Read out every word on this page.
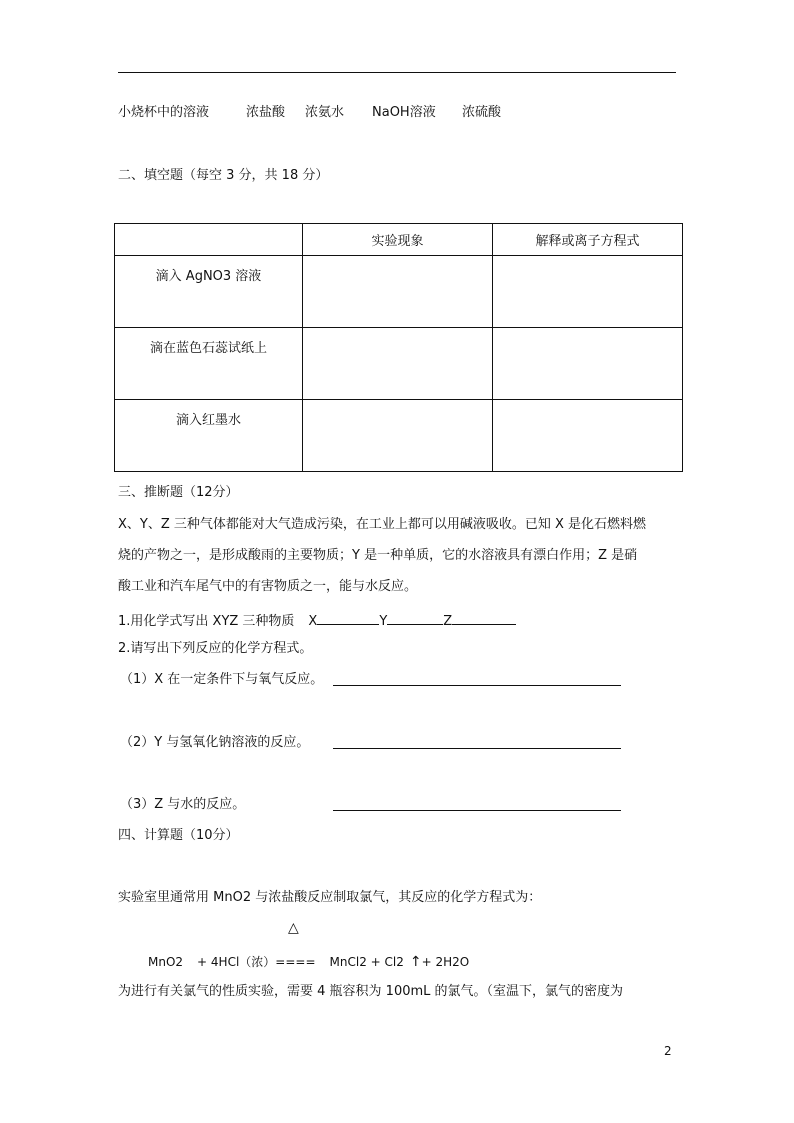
小烧杯中的溶液	浓盐酸 浓氨水 NaOH溶液 浓硫酸
二、填空题（每空 3 分，共 18 分）
	实验现象	解释或离子方程式
滴入 AgNO3 溶液		
滴在蓝色石蕊试纸上		
滴入红墨水		
三、推断题（12分）
X、Y、Z 三种气体都能对大气造成污染，在工业上都可以用碱液吸收。已知 X 是化石燃料燃
烧的产物之一，是形成酸雨的主要物质；Y 是一种单质，它的水溶液具有漂白作用；Z 是硝
酸工业和汽车尾气中的有害物质之一，能与水反应。
1.用化学式写出 XYZ 三种物质 X	Y	Z
2.请写出下列反应的化学方程式。
（1）X 在一定条件下与氧气反应。
（2）Y 与氢氧化钠溶液的反应。
（3）Z 与水的反应。
四、计算题（10分）
实验室里通常用 MnO2 与浓盐酸反应制取氯气，其反应的化学方程式为：
△
MnO2 + 4HCl（浓）==== MnCl2 + Cl2 ↑ + 2H2O
为进行有关氯气的性质实验，需要 4 瓶容积为 100mL 的氯气。（室温下，氯气的密度为
2
